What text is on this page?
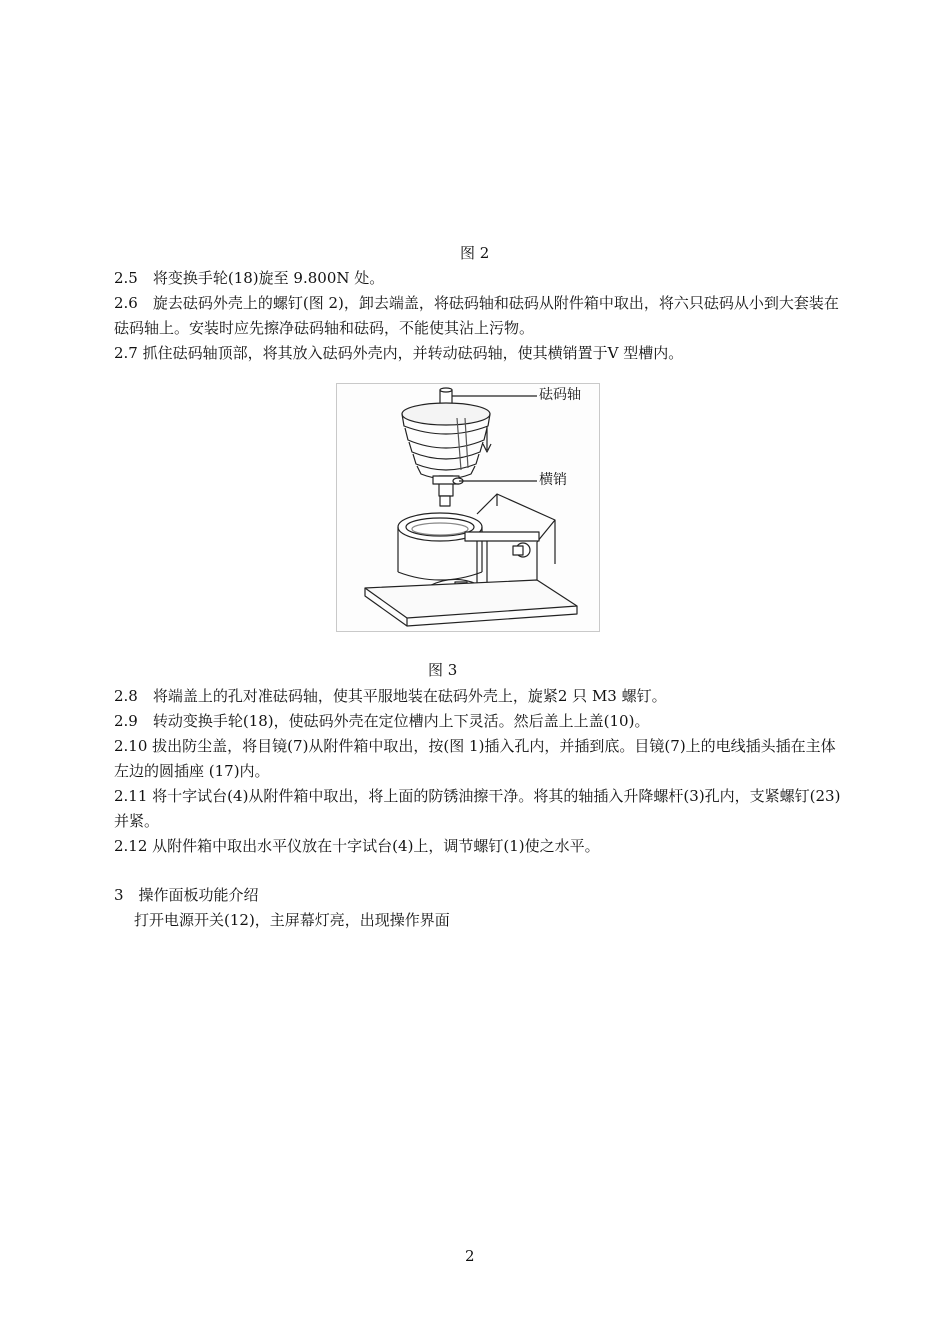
图 2

2.5　将变换手轮(18)旋至 9.800N 处。

2.6　旋去砝码外壳上的螺钉(图 2)，卸去端盖，将砝码轴和砝码从附件箱中取出，将六只砝码从小到大套装在砝码轴上。安装时应先擦净砝码轴和砝码，不能使其沾上污物。

2.7 抓住砝码轴顶部，将其放入砝码外壳内，并转动砝码轴，使其横销置于V 型槽内。

砝码轴
横销
图 3

2.8　将端盖上的孔对准砝码轴，使其平服地装在砝码外壳上，旋紧2 只 M3 螺钉。

2.9　转动变换手轮(18)，使砝码外壳在定位槽内上下灵活。然后盖上上盖(10)。

2.10 拔出防尘盖，将目镜(7)从附件箱中取出，按(图 1)插入孔内，并插到底。目镜(7)上的电线插头插在主体左边的圆插座 (17)内。

2.11 将十字试台(4)从附件箱中取出，将上面的防锈油擦干净。将其的轴插入升降螺杆(3)孔内，支紧螺钉(23)并紧。

2.12 从附件箱中取出水平仪放在十字试台(4)上，调节螺钉(1)使之水平。

3　操作面板功能介绍

打开电源开关(12)，主屏幕灯亮，出现操作界面

2
